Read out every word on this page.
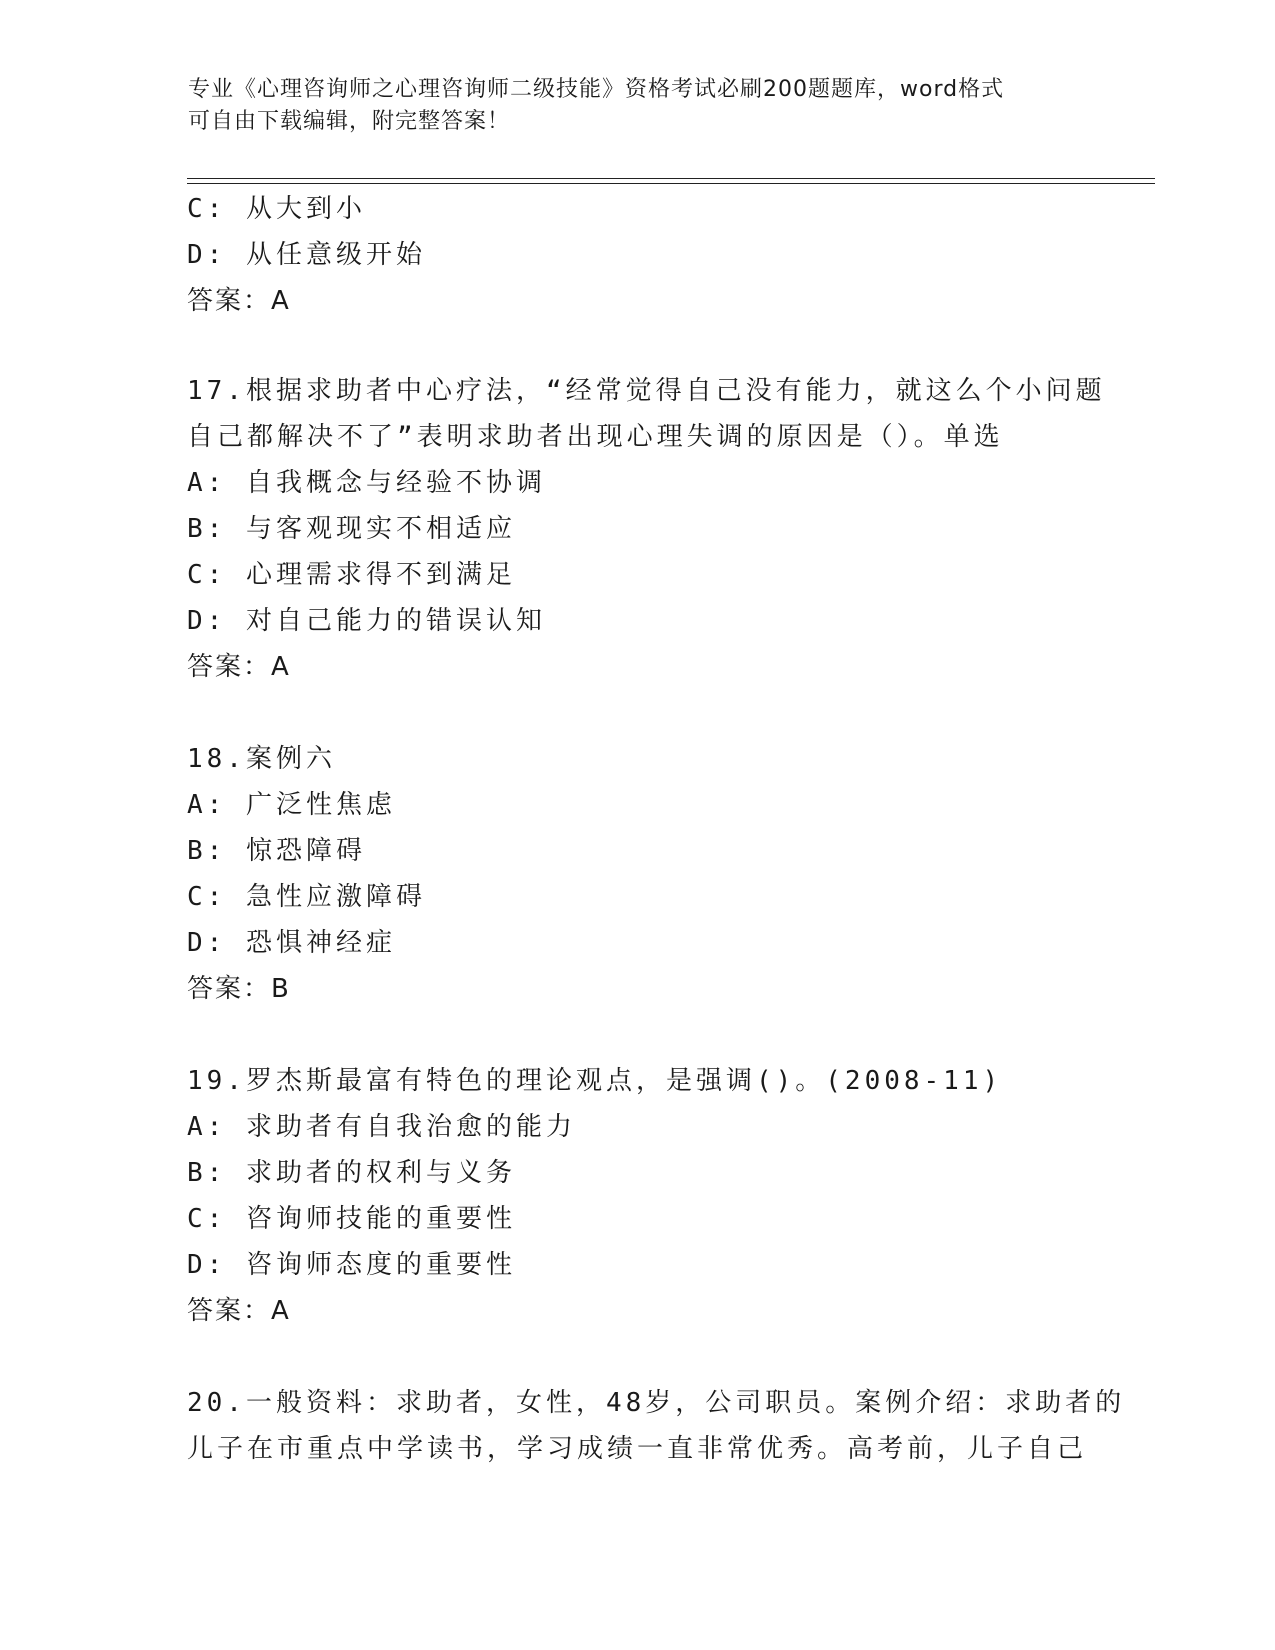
专业《心理咨询师之心理咨询师二级技能》资格考试必刷200题题库，word格式
可自由下载编辑，附完整答案！
C: 从大到小
D: 从任意级开始
答案：A
17.根据求助者中心疗法，“经常觉得自己没有能力，就这么个小问题
自己都解决不了”表明求助者出现心理失调的原因是（）。单选
A: 自我概念与经验不协调
B: 与客观现实不相适应
C: 心理需求得不到满足
D: 对自己能力的错误认知
答案：A
18.案例六
A: 广泛性焦虑
B: 惊恐障碍
C: 急性应激障碍
D: 恐惧神经症
答案：B
19.罗杰斯最富有特色的理论观点，是强调()。(2008-11)
A: 求助者有自我治愈的能力
B: 求助者的权利与义务
C: 咨询师技能的重要性
D: 咨询师态度的重要性
答案：A
20.一般资料：求助者，女性，48岁，公司职员。案例介绍：求助者的
儿子在市重点中学读书，学习成绩一直非常优秀。高考前，儿子自己
